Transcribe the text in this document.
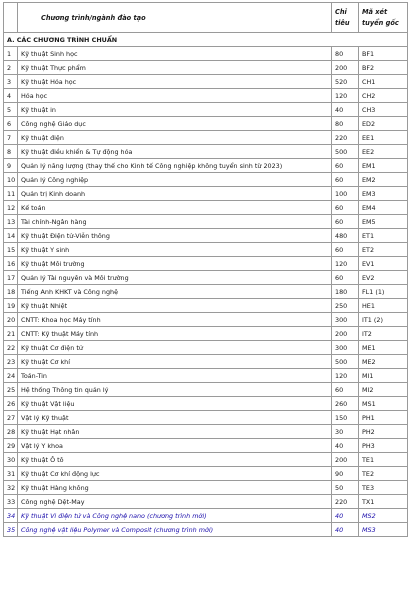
	Chương trình/ngành đào tạo	Chỉ
tiêu	Mã xét
tuyển gốc

A. CÁC CHƯƠNG TRÌNH CHUẨN			
1	Kỹ thuật Sinh học	80	BF1
2	Kỹ thuật Thực phẩm	200	BF2
3	Kỹ thuật Hóa học	520	CH1
4	Hóa học	120	CH2
5	Kỹ thuật in	40	CH3
6	Công nghệ Giáo dục	80	ED2
7	Kỹ thuật điện	220	EE1
8	Kỹ thuật điều khiển & Tự động hóa	500	EE2
9	Quản lý năng lượng (thay thế cho Kinh tế Công nghiệp không tuyển sinh từ 2023)	60	EM1
10	Quản lý Công nghiệp	60	EM2
11	Quản trị Kinh doanh	100	EM3
12	Kế toán	60	EM4
13	Tài chính-Ngân hàng	60	EM5
14	Kỹ thuật Điện tử-Viễn thông	480	ET1
15	Kỹ thuật Y sinh	60	ET2
16	Kỹ thuật Môi trường	120	EV1
17	Quản lý Tài nguyên và Môi trường	60	EV2
18	Tiếng Anh KHKT và Công nghệ	180	FL1 (1)
19	Kỹ thuật Nhiệt	250	HE1
20	CNTT: Khoa học Máy tính	300	IT1 (2)
21	CNTT: Kỹ thuật Máy tính	200	IT2
22	Kỹ thuật Cơ điện tử	300	ME1
23	Kỹ thuật Cơ khí	500	ME2
24	Toán-Tin	120	MI1
25	Hệ thống Thông tin quản lý	60	MI2
26	Kỹ thuật Vật liệu	260	MS1
27	Vật lý Kỹ thuật	150	PH1
28	Kỹ thuật Hạt nhân	30	PH2
29	Vật lý Y khoa	40	PH3
30	Kỹ thuật Ô tô	200	TE1
31	Kỹ thuật Cơ khí động lực	90	TE2
32	Kỹ thuật Hàng không	50	TE3
33	Công nghệ Dệt-May	220	TX1
34	Kỹ thuật Vi điện tử và Công nghệ nano (chương trình mới)	40	MS2
35	Công nghệ vật liệu Polymer và Composit (chương trình mới)	40	MS3
